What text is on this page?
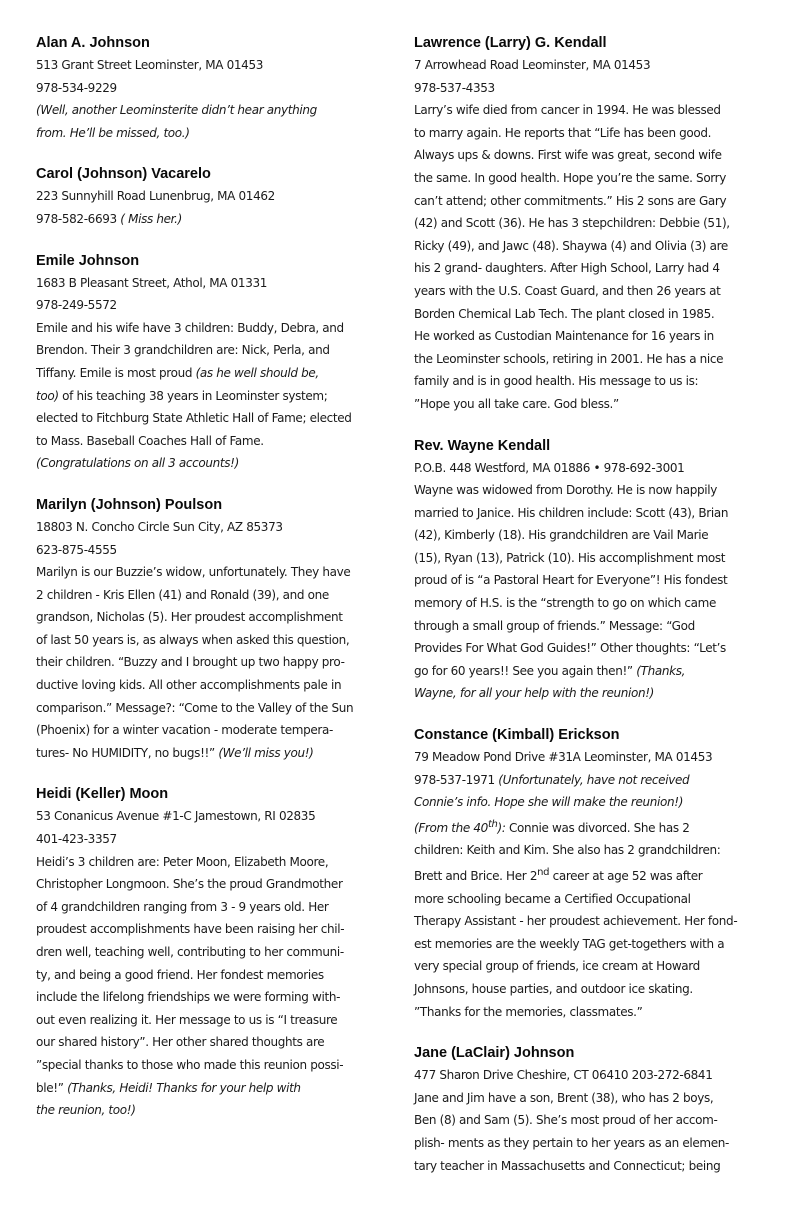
Alan A. Johnson

513 Grant Street Leominster, MA 01453

978-534-9229

(Well, another Leominsterite didn’t hear anything

from. He’ll be missed, too.)

Carol (Johnson) Vacarelo

223 Sunnyhill Road Lunenbrug, MA 01462

978-582-6693 ( Miss her.)

Emile Johnson

1683 B Pleasant Street, Athol, MA 01331

978-249-5572

Emile and his wife have 3 children: Buddy, Debra, and

Brendon. Their 3 grandchildren are: Nick, Perla, and

Tiffany. Emile is most proud (as he well should be,

too) of his teaching 38 years in Leominster system;

elected to Fitchburg State Athletic Hall of Fame; elected

to Mass. Baseball Coaches Hall of Fame.

(Congratulations on all 3 accounts!)

Marilyn (Johnson) Poulson

18803 N. Concho Circle Sun City, AZ 85373

623-875-4555

Marilyn is our Buzzie’s widow, unfortunately. They have

2 children - Kris Ellen (41) and Ronald (39), and one

grandson, Nicholas (5). Her proudest accomplishment

of last 50 years is, as always when asked this question,

their children. “Buzzy and I brought up two happy pro-

ductive loving kids. All other accomplishments pale in

comparison.” Message?: “Come to the Valley of the Sun

(Phoenix) for a winter vacation - moderate tempera-

tures- No HUMIDITY, no bugs!!” (We’ll miss you!)

Heidi (Keller) Moon

53 Conanicus Avenue #1-C Jamestown, RI 02835

401-423-3357

Heidi’s 3 children are: Peter Moon, Elizabeth Moore,

Christopher Longmoon. She’s the proud Grandmother

of 4 grandchildren ranging from 3 - 9 years old. Her

proudest accomplishments have been raising her chil-

dren well, teaching well, contributing to her communi-

ty, and being a good friend. Her fondest memories

include the lifelong friendships we were forming with-

out even realizing it. Her message to us is “I treasure

our shared history”. Her other shared thoughts are

”special thanks to those who made this reunion possi-

ble!” (Thanks, Heidi! Thanks for your help with

the reunion, too!)

Lawrence (Larry) G. Kendall

7 Arrowhead Road Leominster, MA 01453

978-537-4353

Larry’s wife died from cancer in 1994. He was blessed

to marry again. He reports that “Life has been good.

Always ups & downs. First wife was great, second wife

the same. In good health. Hope you’re the same. Sorry

can’t attend; other commitments.” His 2 sons are Gary

(42) and Scott (36). He has 3 stepchildren: Debbie (51),

Ricky (49), and Jawc (48). Shaywa (4) and Olivia (3) are

his 2 grand- daughters. After High School, Larry had 4

years with the U.S. Coast Guard, and then 26 years at

Borden Chemical Lab Tech. The plant closed in 1985.

He worked as Custodian Maintenance for 16 years in

the Leominster schools, retiring in 2001. He has a nice

family and is in good health. His message to us is:

”Hope you all take care. God bless.”

Rev. Wayne Kendall

P.O.B. 448 Westford, MA 01886 • 978-692-3001

Wayne was widowed from Dorothy. He is now happily

married to Janice. His children include: Scott (43), Brian

(42), Kimberly (18). His grandchildren are Vail Marie

(15), Ryan (13), Patrick (10). His accomplishment most

proud of is “a Pastoral Heart for Everyone”! His fondest

memory of H.S. is the “strength to go on which came

through a small group of friends.” Message: “God

Provides For What God Guides!” Other thoughts: “Let’s

go for 60 years!! See you again then!” (Thanks,

Wayne, for all your help with the reunion!)

Constance (Kimball) Erickson

79 Meadow Pond Drive #31A Leominster, MA 01453

978-537-1971 (Unfortunately, have not received

Connie’s info. Hope she will make the reunion!)

(From the 40th): Connie was divorced. She has 2

children: Keith and Kim. She also has 2 grandchildren:

Brett and Brice. Her 2nd career at age 52 was after

more schooling became a Certified Occupational

Therapy Assistant - her proudest achievement. Her fond-

est memories are the weekly TAG get-togethers with a

very special group of friends, ice cream at Howard

Johnsons, house parties, and outdoor ice skating.

”Thanks for the memories, classmates.”

Jane (LaClair) Johnson

477 Sharon Drive Cheshire, CT 06410 203-272-6841

Jane and Jim have a son, Brent (38), who has 2 boys,

Ben (8) and Sam (5). She’s most proud of her accom-

plish- ments as they pertain to her years as an elemen-

tary teacher in Massachusetts and Connecticut; being
